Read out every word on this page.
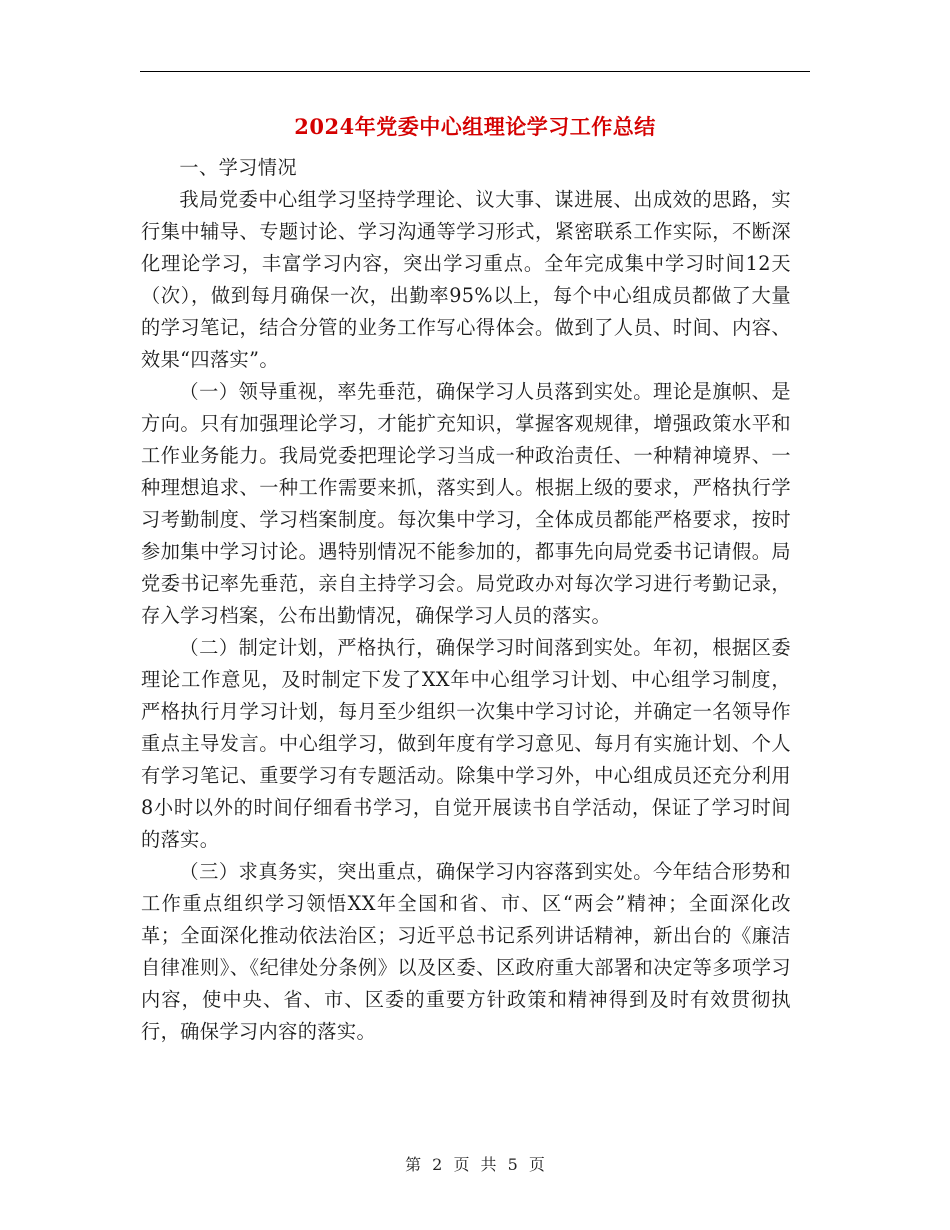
2024年党委中心组理论学习工作总结

一、学习情况

我局党委中心组学习坚持学理论、议大事、谋进展、出成效的思路，实行集中辅导、专题讨论、学习沟通等学习形式，紧密联系工作实际，不断深化理论学习，丰富学习内容，突出学习重点。全年完成集中学习时间12天（次），做到每月确保一次，出勤率95%以上，每个中心组成员都做了大量的学习笔记，结合分管的业务工作写心得体会。做到了人员、时间、内容、效果“四落实”。

（一）领导重视，率先垂范，确保学习人员落到实处。理论是旗帜、是方向。只有加强理论学习，才能扩充知识，掌握客观规律，增强政策水平和工作业务能力。我局党委把理论学习当成一种政治责任、一种精神境界、一种理想追求、一种工作需要来抓，落实到人。根据上级的要求，严格执行学习考勤制度、学习档案制度。每次集中学习，全体成员都能严格要求，按时参加集中学习讨论。遇特别情况不能参加的，都事先向局党委书记请假。局党委书记率先垂范，亲自主持学习会。局党政办对每次学习进行考勤记录，存入学习档案，公布出勤情况，确保学习人员的落实。

（二）制定计划，严格执行，确保学习时间落到实处。年初，根据区委理论工作意见，及时制定下发了XX年中心组学习计划、中心组学习制度，严格执行月学习计划，每月至少组织一次集中学习讨论，并确定一名领导作重点主导发言。中心组学习，做到年度有学习意见、每月有实施计划、个人有学习笔记、重要学习有专题活动。除集中学习外，中心组成员还充分利用8小时以外的时间仔细看书学习，自觉开展读书自学活动，保证了学习时间的落实。

（三）求真务实，突出重点，确保学习内容落到实处。今年结合形势和工作重点组织学习领悟XX年全国和省、市、区“两会”精神；全面深化改革；全面深化推动依法治区；习近平总书记系列讲话精神，新出台的《廉洁自律准则》、《纪律处分条例》以及区委、区政府重大部署和决定等多项学习内容，使中央、省、市、区委的重要方针政策和精神得到及时有效贯彻执行，确保学习内容的落实。

第 2 页 共 5 页
